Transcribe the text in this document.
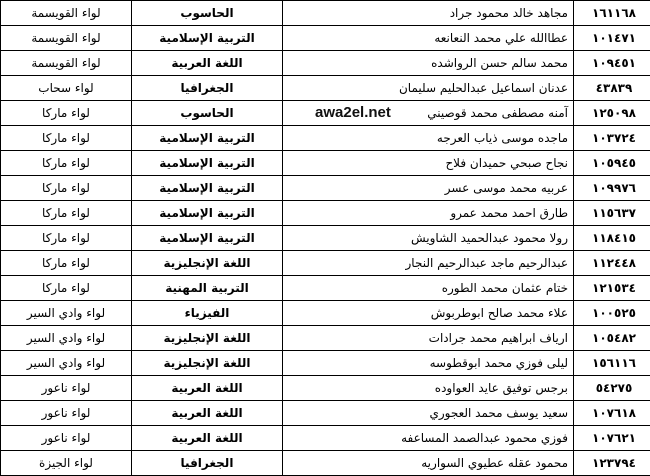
لواء القويسمة	الحاسوب	مجاهد خالد محمود جراد	١٦١١٦٨
لواء القويسمة	التربية الإسلامية	عطاالله علي محمد النعانعه	١٠١٤٧١
لواء القويسمة	اللغة العربية	محمد سالم حسن الرواشده	١٠٩٤٥١
لواء سحاب	الجغرافيا	عدنان اسماعيل عبدالحليم سليمان	٤٣٨٣٩
لواء ماركا	الحاسوب	آمنه مصطفى محمد قوصيني	١٢٥٠٩٨
لواء ماركا	التربية الإسلامية	ماجده موسى ذياب العرجه	١٠٣٧٢٤
لواء ماركا	التربية الإسلامية	نجاح صبحي حميدان فلاح	١٠٥٩٤٥
لواء ماركا	التربية الإسلامية	عربيه محمد موسى عسر	١٠٩٩٧٦
لواء ماركا	التربية الإسلامية	طارق احمد محمد عمرو	١١٥٦٣٧
لواء ماركا	التربية الإسلامية	رولا محمود عبدالحميد الشاويش	١١٨٤١٥
لواء ماركا	اللغة الإنجليزية	عبدالرحيم ماجد عبدالرحيم النجار	١١٢٤٤٨
لواء ماركا	التربية المهنية	ختام عثمان محمد الطوره	١٢١٥٣٤
لواء وادي السير	الفيزياء	علاء محمد صالح ابوطربوش	١٠٠٥٢٥
لواء وادي السير	اللغة الإنجليزية	ارياف ابراهيم محمد جرادات	١٠٥٤٨٢
لواء وادي السير	اللغة الإنجليزية	ليلى فوزي محمد ابوقطوسه	١٥٦١١٦
لواء ناعور	اللغة العربية	برجس توفيق عايد العواوده	٥٤٢٧٥
لواء ناعور	اللغة العربية	سعيد يوسف محمد العجوري	١٠٧٦١٨
لواء ناعور	اللغة العربية	فوزي محمود عبدالصمد المساعفه	١٠٧٦٢١
لواء الجيزة	الجغرافيا	محمود عقله عطيوي السواريه	١٢٣٧٩٤
awa2el.net
